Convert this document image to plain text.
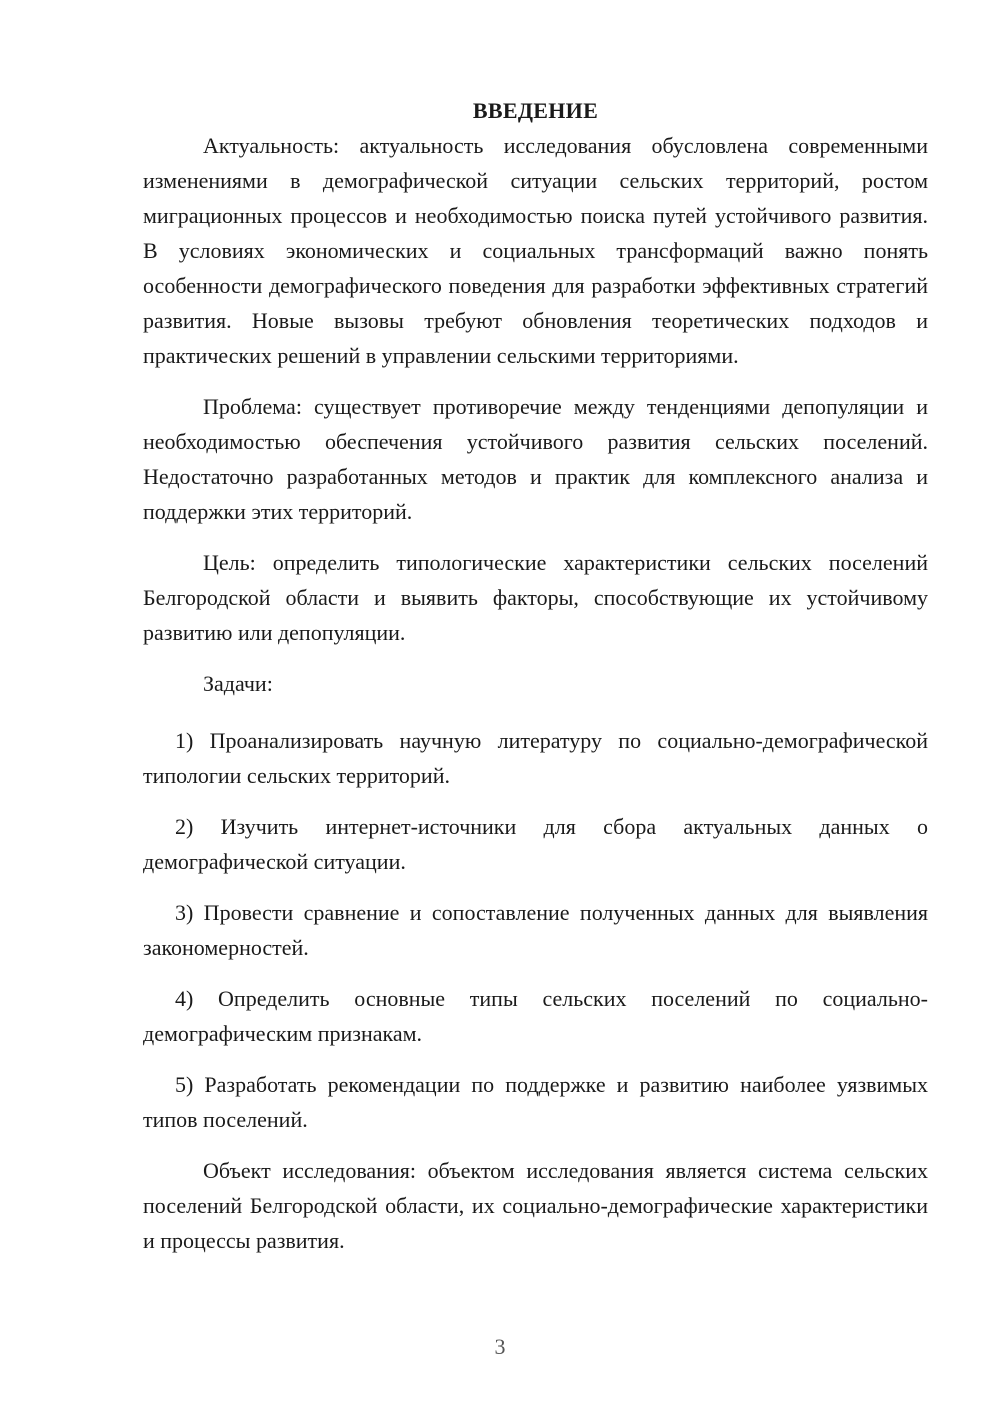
ВВЕДЕНИЕ

Актуальность: актуальность исследования обусловлена современными изменениями в демографической ситуации сельских территорий, ростом миграционных процессов и необходимостью поиска путей устойчивого развития. В условиях экономических и социальных трансформаций важно понять особенности демографического поведения для разработки эффективных стратегий развития. Новые вызовы требуют обновления теоретических подходов и практических решений в управлении сельскими территориями.

Проблема: существует противоречие между тенденциями депопуляции и необходимостью обеспечения устойчивого развития сельских поселений. Недостаточно разработанных методов и практик для комплексного анализа и поддержки этих территорий.

Цель: определить типологические характеристики сельских поселений Белгородской области и выявить факторы, способствующие их устойчивому развитию или депопуляции.

Задачи:

1) Проанализировать научную литературу по социально-демографической типологии сельских территорий.

2) Изучить интернет-источники для сбора актуальных данных о демографической ситуации.

3) Провести сравнение и сопоставление полученных данных для выявления закономерностей.

4) Определить основные типы сельских поселений по социально-демографическим признакам.

5) Разработать рекомендации по поддержке и развитию наиболее уязвимых типов поселений.

Объект исследования: объектом исследования является система сельских поселений Белгородской области, их социально-демографические характеристики и процессы развития.

3
